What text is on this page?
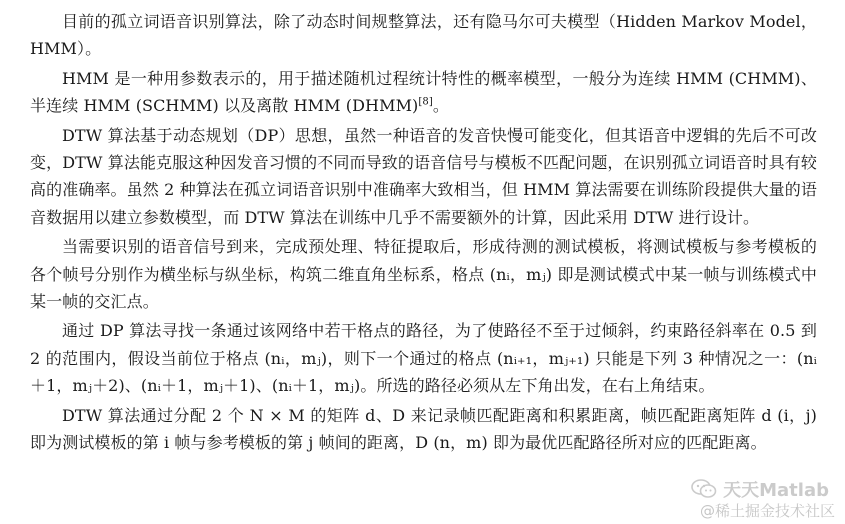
目前的孤立词语音识别算法，除了动态时间规整算法，还有隐马尔可夫模型（Hidden Markov Model，HMM）。

HMM 是一种用参数表示的，用于描述随机过程统计特性的概率模型，一般分为连续 HMM (CHMM)、半连续 HMM (SCHMM) 以及离散 HMM (DHMM)[8]。

DTW 算法基于动态规划（DP）思想，虽然一种语音的发音快慢可能变化，但其语音中逻辑的先后不可改变，DTW 算法能克服这种因发音习惯的不同而导致的语音信号与模板不匹配问题，在识别孤立词语音时具有较高的准确率。虽然 2 种算法在孤立词语音识别中准确率大致相当，但 HMM 算法需要在训练阶段提供大量的语音数据用以建立参数模型，而 DTW 算法在训练中几乎不需要额外的计算，因此采用 DTW 进行设计。

当需要识别的语音信号到来，完成预处理、特征提取后，形成待测的测试模板，将测试模板与参考模板的各个帧号分别作为横坐标与纵坐标，构筑二维直角坐标系，格点 (nᵢ，mⱼ) 即是测试模式中某一帧与训练模式中某一帧的交汇点。

通过 DP 算法寻找一条通过该网络中若干格点的路径，为了使路径不至于过倾斜，约束路径斜率在 0.5 到 2 的范围内，假设当前位于格点 (nᵢ，mⱼ)，则下一个通过的格点 (nᵢ₊₁，mⱼ₊₁) 只能是下列 3 种情况之一：(nᵢ＋1，mⱼ＋2)、(nᵢ＋1，mⱼ＋1)、(nᵢ＋1，mⱼ)。所选的路径必须从左下角出发，在右上角结束。

DTW 算法通过分配 2 个 N × M 的矩阵 d、D 来记录帧匹配距离和积累距离，帧匹配距离矩阵 d (i，j) 即为测试模板的第 i 帧与参考模板的第 j 帧间的距离，D (n，m) 即为最优匹配路径所对应的匹配距离。

天天Matlab
@稀土掘金技术社区
